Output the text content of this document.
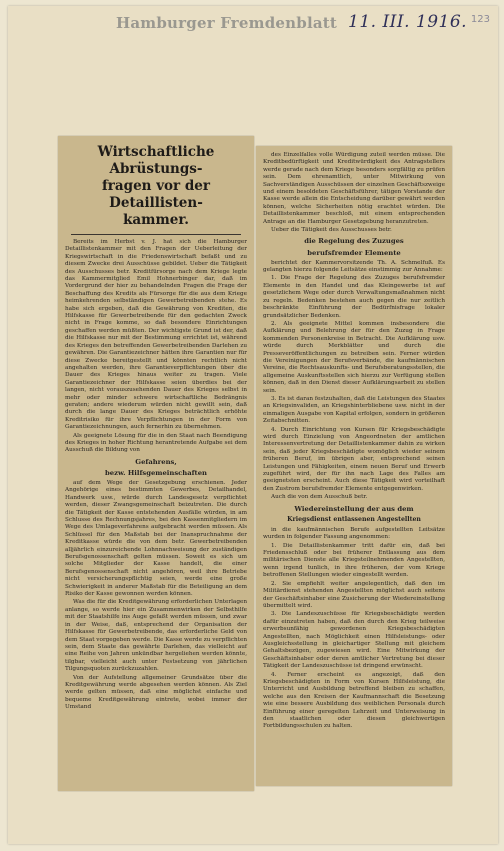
Hamburger Fremdenblatt 11. III. 1916. 123
Wirtschaftliche Abrüstungs-
fragen vor der Detaillisten-
kammer.

Bereits im Herbst v. J. hat sich die Hamburger Detaillistenkammer mit den Fragen der Ueberleitung der Kriegswirtschaft in die Friedenswirtschaft befaßt und zu diesem Zwecke drei Ausschüsse gebildet. Ueber die Tätigkeit des Ausschusses betr. Kreditfürsorge nach dem Kriege legte das Kammermitglied Emil Hohnerbinger dar, daß im Vordergrund der hier zu behandelnden Fragen die Frage der Beschaffung des Kredits als Fürsorge für die aus dem Kriege heimkehrenden selbständigen Gewerbetreibenden stehe. Es habe sich ergeben, daß die Gewährung von Krediten, die Hilfskasse für Gewerbetreibende für den gedachten Zweck nicht in Frage komme, so daß besondere Einrichtungen geschaffen werden müßten. Der wichtigste Grund ist der, daß die Hilfskasse nur mit der Bestimmung errichtet ist, während des Krieges den betreffenden Gewerbetreibenden Darlehen zu gewähren. Die Garantiezeichner hätten ihre Garantien nur für diese Zwecke bereitgestellt und könnten rechtlich nicht angehalten werden, ihre Garantieverpflichtungen über die Dauer des Krieges hinaus weiter zu tragen. Viele Garantiezeichner der Hilfskasse seien überdies bei der langen, nicht vorauszusehenden Dauer des Krieges selbst in mehr oder minder schwere wirtschaftliche Bedrängnis geraten; andere wiederum würden nicht gewillt sein, daß durch die lange Dauer des Krieges beträchtlich erhöhte Kreditrisiko für ihre Verpflichtungen in der Form von Garantiezeichnungen, auch fernerhin zu übernehmen.

Als geeignete Lösung für die in den Staat nach Beendigung des Krieges in hoher Richtung herantretende Aufgabe sei dem Ausschuß die Bildung von

Gefahrens,
bezw. Hilfsgemeinschaften

auf dem Wege der Gesetzgebung erschienen. Jeder Angehörige eines bestimmten Gewerbes, Detailhandel, Handwerk usw., würde durch Landesgesetz verpflichtet werden, dieser Zwangsgemeinschaft beizutreten. Die durch die Tätigkeit der Kasse entstehenden Ausfälle würden, in am Schlusse des Rechnungsjahres, bei den Kassenmitgliedern im Wege des Umlageverfahrens aufgebracht werden müssen. Als Schlüssel für den Maßstab bei der Inanspruchnahme der Kreditkasse würde die von dem betr. Gewerbetreibenden alljährlich einzureichende Lohnnachweisung der zuständigen Berufsgenossenschaft gelten müssen. Soweit es sich um solche Mitglieder der Kasse handelt, die einer Berufsgenossenschaft nicht angehören, weil ihre Betriebe nicht versicherungspflichtig seien, werde eine große Schwierigkeit in anderer Maßstab für die Beteiligung an dem Risiko der Kasse gewonnen werden können.

Was die für die Kreditgewährung erforderlichen Unterlagen anlange, so werde hier ein Zusammenwirken der Selbsthilfe mit der Staatshilfe ins Auge gefaßt werden müssen, und zwar in der Weise, daß, entsprechend der Organisation der Hilfskasse für Gewerbetreibende, das erforderliche Geld von dem Staat vorgegeben werde. Die Kasse werde zu verpflichten sein, dem Staate das gewährte Darlehen, das vielleicht auf eine Reihe von Jahren unkündbar hergeliehen werden könnte, tilgbar, vielleicht auch unter Festsetzung von jährlichen Tilgungsquoten zurückzuzahlen.

Von der Aufstellung allgemeiner Grundsätze über die Kreditgewährung werde abgesehen werden können. Als Ziel werde gelten müssen, daß eine möglichst einfache und bequeme Kreditgewährung eintrete, wobei immer der Umstand

des Einzelfalles volle Würdigung zuteil werden müsse. Die Kreditbedürftigkeit und Kreditwürdigkeit des Antragstellers werde gerade nach dem Kriege besonders sorgfältig zu prüfen sein. Dem ehrenamtlich, unter Mitwirkung von Sachverständigen Ausschüssen der einzelnen Geschäftszweige und einem besoldeten Geschäftsführer, tätigen Vorstande der Kasse werde allein die Entscheidung darüber gewährt werden können, welche Sicherheiten nötig erachtet würden. Die Detaillistenkammer beschloß, mit einem entsprechenden Antrage an die Hamburger Gesetzgebung heranzutreten.

Ueber die Tätigkeit des Ausschusses betr.

die Regelung des Zuzuges
berufsfremder Elemente

berichtet der Kammervorsitzende Th. A. Schmelfuß. Es gelangten hierzu folgende Leitsätze einstimmig zur Annahme:

1. Die Frage der Regelung des Zuzuges berufsfremder Elemente in den Handel und das Kleingewerbe ist auf gesetzlichem Wege oder durch Verwaltungsmaßnahmen nicht zu regeln. Bedenken bestehen auch gegen die nur zeitlich beschränkte Einführung der Bedürfnisfrage lokaler grundsätzlicher Bedenken.

2. Als geeignete Mittel kommen insbesondere die Aufklärung und Belehrung der für den Zuzug in Frage kommenden Personenkreise in Betracht. Die Aufklärung usw. würde durch Merkblätter und durch die Presseveröffentlichungen zu betreiben sein. Ferner würden die Vereinigungen der Berufsverbände, die kaufmännischen Vereine, die Rechtsauskunfts- und Berufsberatungsstellen, die allgemeine Auskunftsstellen sich hierzu zur Verfügung stellen können, daß in den Dienst dieser Aufklärungsarbeit zu stellen sein.

3. Es ist daran festzuhalten, daß die Leistungen des Staates an Kriegsinvaliden, an Kriegshinterbliebene usw. nicht in der einmaligen Ausgabe von Kapital erfolgen, sondern in größeren Zeitabschnitten.

4. Durch Einrichtung von Kursen für Kriegsbeschädigte wird durch Einzielung von Angeordneten der amtlichen Interessenvertretung der Detaillistenkammer dahin zu wirken sein, daß jeder Kriegsbeschädigte womöglich wieder seinem früheren Beruf, im übrigen aber, entsprechend seinen Leistungen und Fähigkeiten, einem neuen Beruf und Erwerb zugeführt wird, der für ihn nach Lage des Falles am geeignetsten erscheint. Auch diese Tätigkeit wird vorteilhaft den Zustrom berufsfremder Elemente entgegenwirken.

Auch die von dem Ausschuß betr.

Wiedereinstellung der aus dem
Kriegsdienst entlassenen Angestellten

in die kaufmännischen Berufe aufgestellten Leitsätze wurden in folgender Fassung angenommen:

1. Die Detaillistenkammer tritt dafür ein, daß bei Friedensschluß oder bei früherer Entlassung aus dem militärischen Dienste alle Kriegsteilnehmenden Angestellten, wenn irgend tunlich, in ihre früheren, der vom Kriege betroffenen Stellungen wieder eingestellt werden.

2. Sie empfiehlt weiter angelegentlich, daß den im Militärdienst stehenden Angestellten möglichst auch seitens der Geschäftsinhaber eine Zusicherung der Wiedereinstellung übermittelt wird.

3. Die Landeszuschüsse für Kriegsbeschädigte werden dafür einzutreten haben, daß den durch den Krieg teilweise erwerbsunfähig gewordenen Kriegsbeschädigten Angestellten, nach Möglichkeit einen Hilfsleistungs- oder Ausgleichsstellung in gleichartiger Stellung mit gleichem Gehaltsbezügen, zugewiesen wird. Eine Mitwirkung der Geschäftsinhaber oder deren amtlicher Vertretung bei dieser Tätigkeit der Landeszuschüsse ist dringend erwünscht.

4. Ferner erscheint es angezeigt, daß den Kriegsbeschädigten in Form von Kursen Hilfsleistung, die Unterricht und Ausbildung betreffend bleiben zu schaffen, welche aus den Kreisen der Kaufmannschaft die Besetzung wie eine bessere Ausbildung des weiblichen Personals durch Einführung einer geregelten Lehrzeit und Unterweisung in den staatlichen oder diesen gleichwertigen Fortbildungsschulen zu halten.
